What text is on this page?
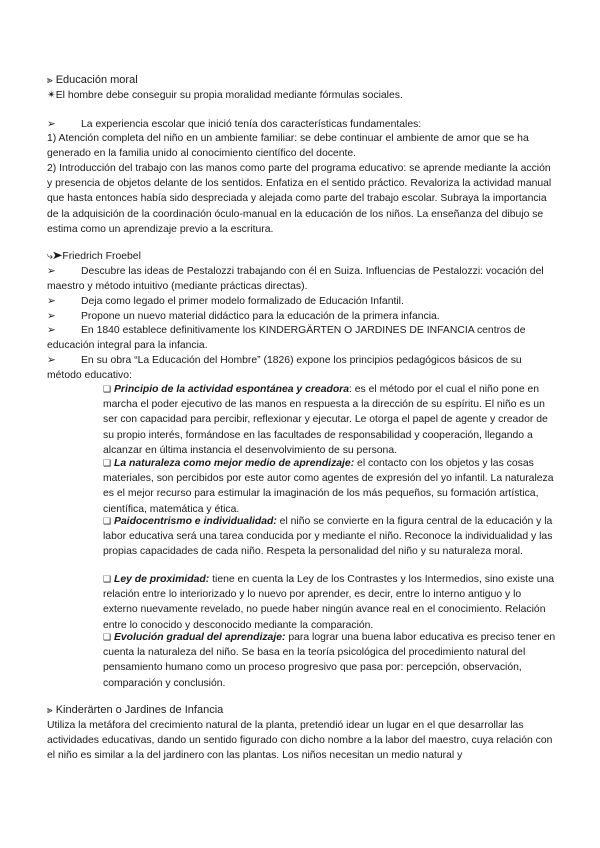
⫸ Educación moral

✴El hombre debe conseguir su propia moralidad mediante fórmulas sociales.

➢	La experiencia escolar que inició tenía dos características fundamentales:

1) Atención completa del niño en un ambiente familiar: se debe continuar el ambiente de amor que se ha generado en la familia unido al conocimiento científico del docente.

2) Introducción del trabajo con las manos como parte del programa educativo: se aprende mediante la acción y presencia de objetos delante de los sentidos. Enfatiza en el sentido práctico. Revaloriza la actividad manual que hasta entonces había sido despreciada y alejada como parte del trabajo escolar. Subraya la importancia de la adquisición de la coordinación óculo-manual en la educación de los niños. La enseñanza del dibujo se estima como un aprendizaje previo a la escritura.

⤷➤Friedrich Froebel

➢	Descubre las ideas de Pestalozzi trabajando con él en Suiza. Influencias de Pestalozzi: vocación del maestro y método intuitivo (mediante prácticas directas).
➢	Deja como legado el primer modelo formalizado de Educación Infantil.
➢	Propone un nuevo material didáctico para la educación de la primera infancia.
➢	En 1840 establece definitivamente los KINDERGÄRTEN O JARDINES DE INFANCIA centros de educación integral para la infancia.
➢	En su obra “La Educación del Hombre” (1826) expone los principios pedagógicos básicos de su método educativo:

❑ Principio de la actividad espontánea y creadora: es el método por el cual el niño pone en marcha el poder ejecutivo de las manos en respuesta a la dirección de su espíritu. El niño es un ser con capacidad para percibir, reflexionar y ejecutar. Le otorga el papel de agente y creador de su propio interés, formándose en las facultades de responsabilidad y cooperación, llegando a alcanzar en última instancia el desenvolvimiento de su persona.

❑ La naturaleza como mejor medio de aprendizaje: el contacto con los objetos y las cosas materiales, son percibidos por este autor como agentes de expresión del yo infantil. La naturaleza es el mejor recurso para estimular la imaginación de los más pequeños, su formación artística, científica, matemática y ética.

❑ Paidocentrismo e individualidad: el niño se convierte en la figura central de la educación y la labor educativa será una tarea conducida por y mediante el niño. Reconoce la individualidad y las propias capacidades de cada niño. Respeta la personalidad del niño y su naturaleza moral.

❑ Ley de proximidad: tiene en cuenta la Ley de los Contrastes y los Intermedios, sino existe una relación entre lo interiorizado y lo nuevo por aprender, es decir, entre lo interno antiguo y lo externo nuevamente revelado, no puede haber ningún avance real en el conocimiento. Relación entre lo conocido y desconocido mediante la comparación.

❑ Evolución gradual del aprendizaje: para lograr una buena labor educativa es preciso tener en cuenta la naturaleza del niño. Se basa en la teoría psicológica del procedimiento natural del pensamiento humano como un proceso progresivo que pasa por: percepción, observación, comparación y conclusión.

⫸ Kinderärten o Jardines de Infancia

Utiliza la metáfora del crecimiento natural de la planta, pretendió idear un lugar en el que desarrollar las actividades educativas, dando un sentido figurado con dicho nombre a la labor del maestro, cuya relación con el niño es similar a la del jardinero con las plantas. Los niños necesitan un medio natural y
